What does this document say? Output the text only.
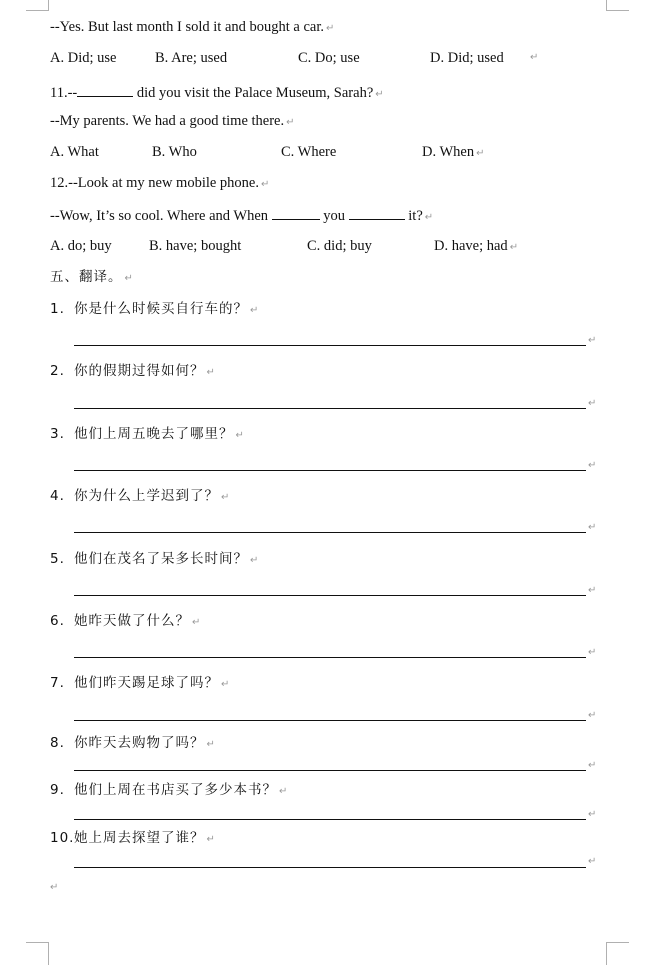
--Yes. But last month I sold it and bought a car. ↵
A. Did; use	B. Are; used	C. Do; use	D. Did; used	↵
11.--	did you visit the Palace Museum, Sarah? ↵
--My parents. We had a good time there. ↵
A. What	B. Who	C. Where	D. When ↵
12.--Look at my new mobile phone. ↵
--Wow, It’s so cool. Where and When	you	it? ↵
A. do; buy	B. have; bought	C. did; buy	D. have; had ↵
五、翻译。 ↵
1. 你是什么时候买自行车的？ ↵
↵
2. 你的假期过得如何？ ↵
↵
3. 他们上周五晚去了哪里？ ↵
↵
4. 你为什么上学迟到了？ ↵
↵
5. 他们在茂名了呆多长时间？ ↵
↵
6. 她昨天做了什么？ ↵
↵
7. 他们昨天踢足球了吗？ ↵
↵
8. 你昨天去购物了吗？ ↵
↵
9. 他们上周在书店买了多少本书？ ↵
↵
10.她上周去探望了谁？ ↵
↵
↵
